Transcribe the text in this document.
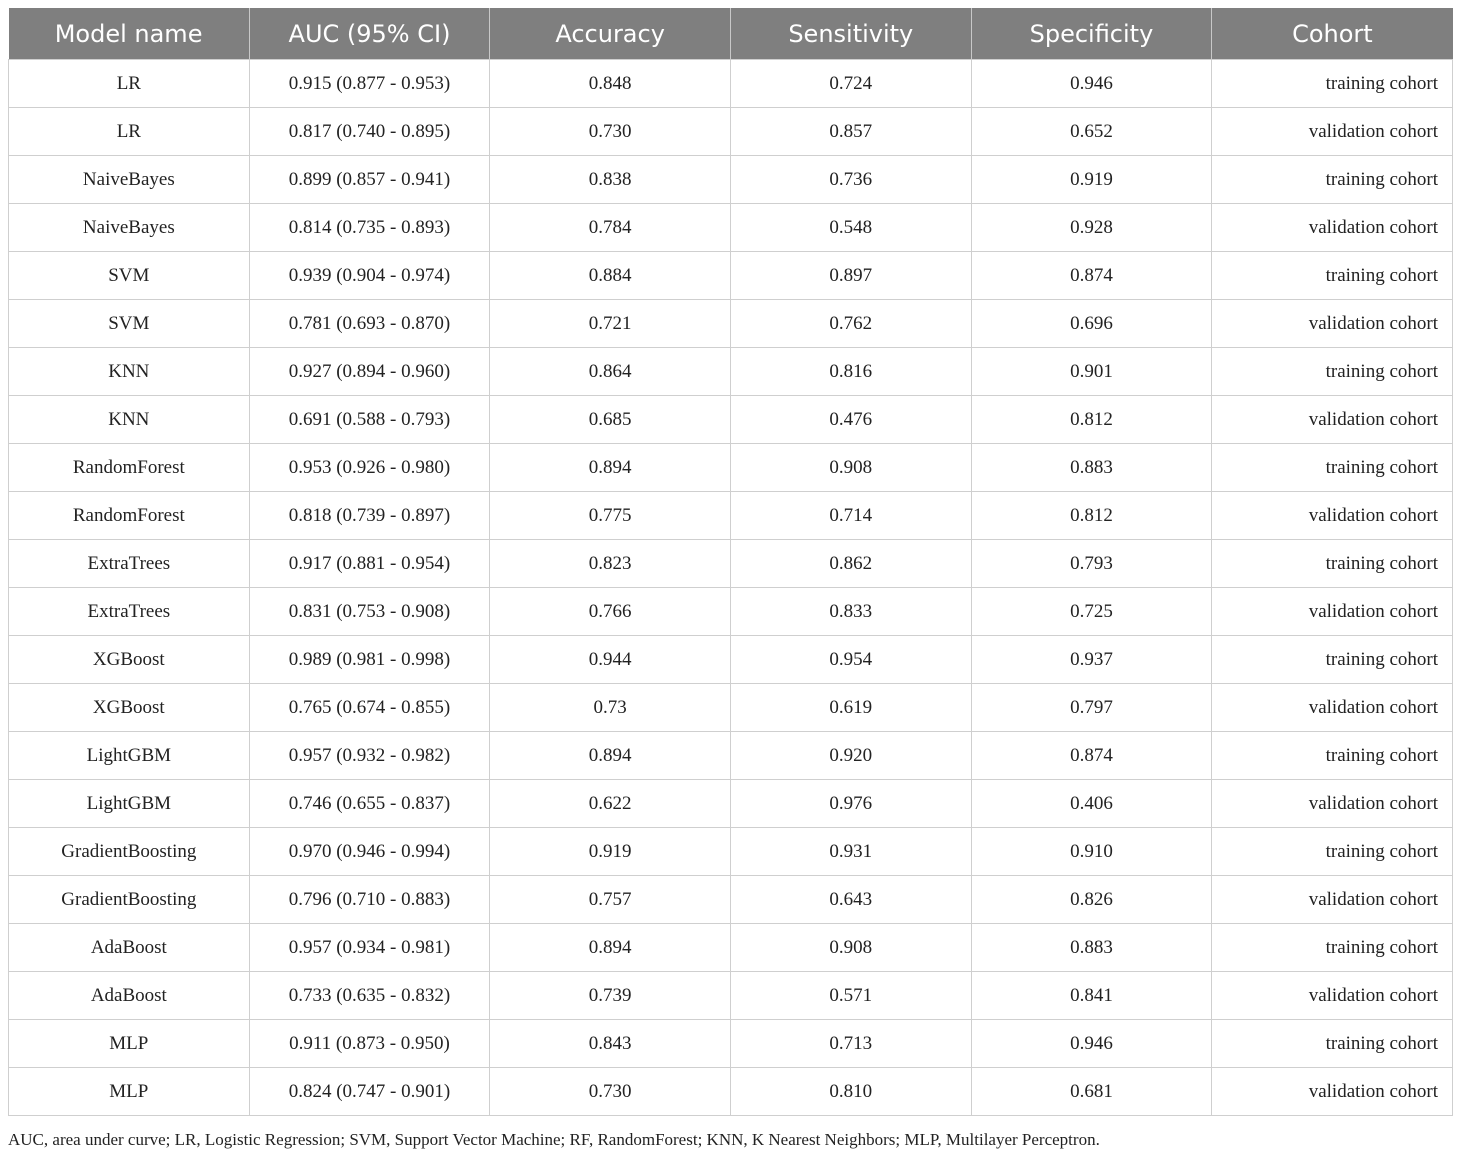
Model name	AUC (95% CI)	Accuracy	Sensitivity	Specificity	Cohort
LR	0.915 (0.877 - 0.953)	0.848	0.724	0.946	training cohort
LR	0.817 (0.740 - 0.895)	0.730	0.857	0.652	validation cohort
NaiveBayes	0.899 (0.857 - 0.941)	0.838	0.736	0.919	training cohort
NaiveBayes	0.814 (0.735 - 0.893)	0.784	0.548	0.928	validation cohort
SVM	0.939 (0.904 - 0.974)	0.884	0.897	0.874	training cohort
SVM	0.781 (0.693 - 0.870)	0.721	0.762	0.696	validation cohort
KNN	0.927 (0.894 - 0.960)	0.864	0.816	0.901	training cohort
KNN	0.691 (0.588 - 0.793)	0.685	0.476	0.812	validation cohort
RandomForest	0.953 (0.926 - 0.980)	0.894	0.908	0.883	training cohort
RandomForest	0.818 (0.739 - 0.897)	0.775	0.714	0.812	validation cohort
ExtraTrees	0.917 (0.881 - 0.954)	0.823	0.862	0.793	training cohort
ExtraTrees	0.831 (0.753 - 0.908)	0.766	0.833	0.725	validation cohort
XGBoost	0.989 (0.981 - 0.998)	0.944	0.954	0.937	training cohort
XGBoost	0.765 (0.674 - 0.855)	0.73	0.619	0.797	validation cohort
LightGBM	0.957 (0.932 - 0.982)	0.894	0.920	0.874	training cohort
LightGBM	0.746 (0.655 - 0.837)	0.622	0.976	0.406	validation cohort
GradientBoosting	0.970 (0.946 - 0.994)	0.919	0.931	0.910	training cohort
GradientBoosting	0.796 (0.710 - 0.883)	0.757	0.643	0.826	validation cohort
AdaBoost	0.957 (0.934 - 0.981)	0.894	0.908	0.883	training cohort
AdaBoost	0.733 (0.635 - 0.832)	0.739	0.571	0.841	validation cohort
MLP	0.911 (0.873 - 0.950)	0.843	0.713	0.946	training cohort
MLP	0.824 (0.747 - 0.901)	0.730	0.810	0.681	validation cohort
AUC, area under curve; LR, Logistic Regression; SVM, Support Vector Machine; RF, RandomForest; KNN, K Nearest Neighbors; MLP, Multilayer Perceptron.
